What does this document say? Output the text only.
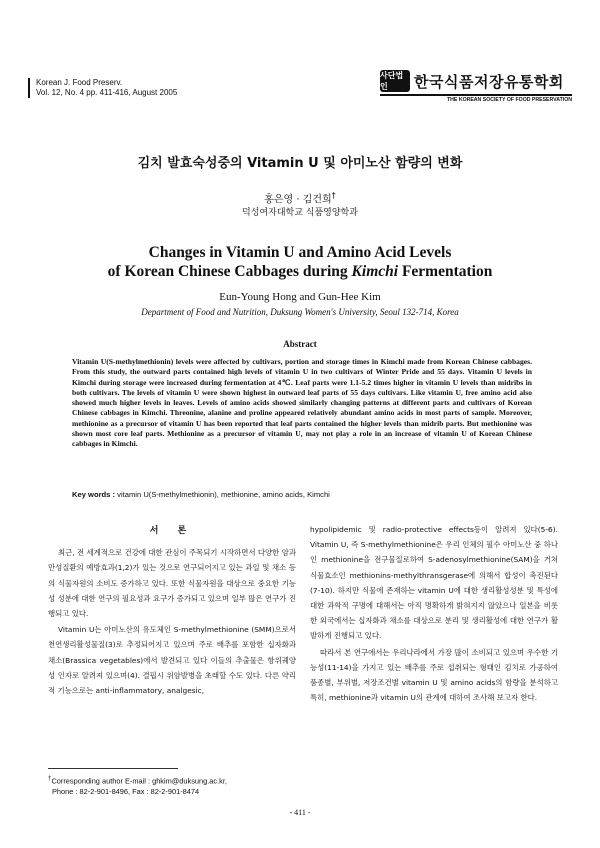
Korean J. Food Preserv.
Vol. 12, No. 4 pp. 411-416, August 2005
사단법인	한국식품저장유통학회
THE KOREAN SOCIETY OF FOOD PRESERVATION
김치 발효숙성중의 Vitamin U 및 아미노산 함량의 변화
홍은영 · 김건희†
덕성여자대학교 식품영양학과
Changes in Vitamin U and Amino Acid Levels
of Korean Chinese Cabbages during Kimchi Fermentation
Eun-Young Hong and Gun-Hee Kim
Department of Food and Nutrition, Duksung Women's University, Seoul 132-714, Korea
Abstract
Vitamin U(S-methylmethionin) levels were affected by cultivars, portion and storage times in Kimchi made from Korean Chinese cabbages. From this study, the outward parts contained high levels of vitamin U in two cultivars of Winter Pride and 55 days. Vitamin U levels in Kimchi during storage were increased during fermentation at 4℃. Leaf parts were 1.1-5.2 times higher in vitamin U levels than midribs in both cultivars. The levels of vitamin U were shown highest in outward leaf parts of 55 days cultivars. Like vitamin U, free amino acid also showed much higher levels in leaves. Levels of amino acids showed similarly changing patterns at different parts and cultivars of Korean Chinese cabbages in Kimchi. Threonine, alanine and proline appeared relatively abundant amino acids in most parts of sample. Moreover, methionine as a precursor of vitamin U has been reported that leaf parts contained the higher levels than midrib parts. But methionine was shown most core leaf parts. Methionine as a precursor of vitamin U, may not play a role in an increase of vitamin U of Korean Chinese cabbages in Kimchi.
Key words : vitamin U(S-methylmethionin), methionine, amino acids, Kimchi
서 론

최근, 전 세계적으로 건강에 대한 관심이 주목되기 시작하면서 다양한 암과 만성질환의 예방효과(1,2)가 있는 것으로 연구되어지고 있는 과일 및 채소 등의 식물자원의 소비도 증가하고 있다. 또한 식물자원을 대상으로 중요한 기능성 성분에 대한 연구의 필요성과 요구가 증가되고 있으며 일부 많은 연구가 진행되고 있다.

Vitamin U는 아미노산의 유도체인 S-methylmethionine (SMM)으로서 천연생리활성물질(3)로 추정되어지고 있으며 주로 배추를 포함한 십자화과 채소(Brassica vegetables)에서 발견되고 있다 이들의 추출물은 항위궤양성 인자로 알려져 있으며(4). 결핍시 위암발병을 초래할 수도 있다. 다른 약리적 기능으로는 anti-inflammatory, analgesic,

hypolipidemic 및 radio-protective effects등이 알려져 있다(5-6). Vitamin U, 즉 S-methylmethionine은 우리 인체의 필수 아미노산 중 하나인 methionine을 전구물질로하여 S-adenosylmethionine(SAM)을 거쳐 식물효소인 methionins-methylthransgerase에 의해서 합성이 촉진된다(7-10). 하지만 식물에 존재하는 vitamin U에 대한 생리활성성분 및 특성에 대한 과학적 구명에 대해서는 아직 명확하게 밝혀지지 않았으나 일본을 비롯한 외국에서는 십자화과 채소를 대상으로 분리 및 생리활성에 대한 연구가 활발하게 진행되고 있다.

따라서 본 연구에서는 우리나라에서 가장 많이 소비되고 있으며 우수한 기능성(11-14)을 가지고 있는 배추를 주로 섭취되는 형태인 김치로 가공하여 품종별, 부위별, 저장조건별 vitamin U 및 amino acids의 함량을 분석하고 특히, methionine과 vitamin U의 관계에 대하여 조사해 보고자 한다.

†Corresponding author E-mail : ghkim@duksung.ac.kr,
Phone : 82-2-901-8496, Fax : 82-2-901-8474
- 411 -
